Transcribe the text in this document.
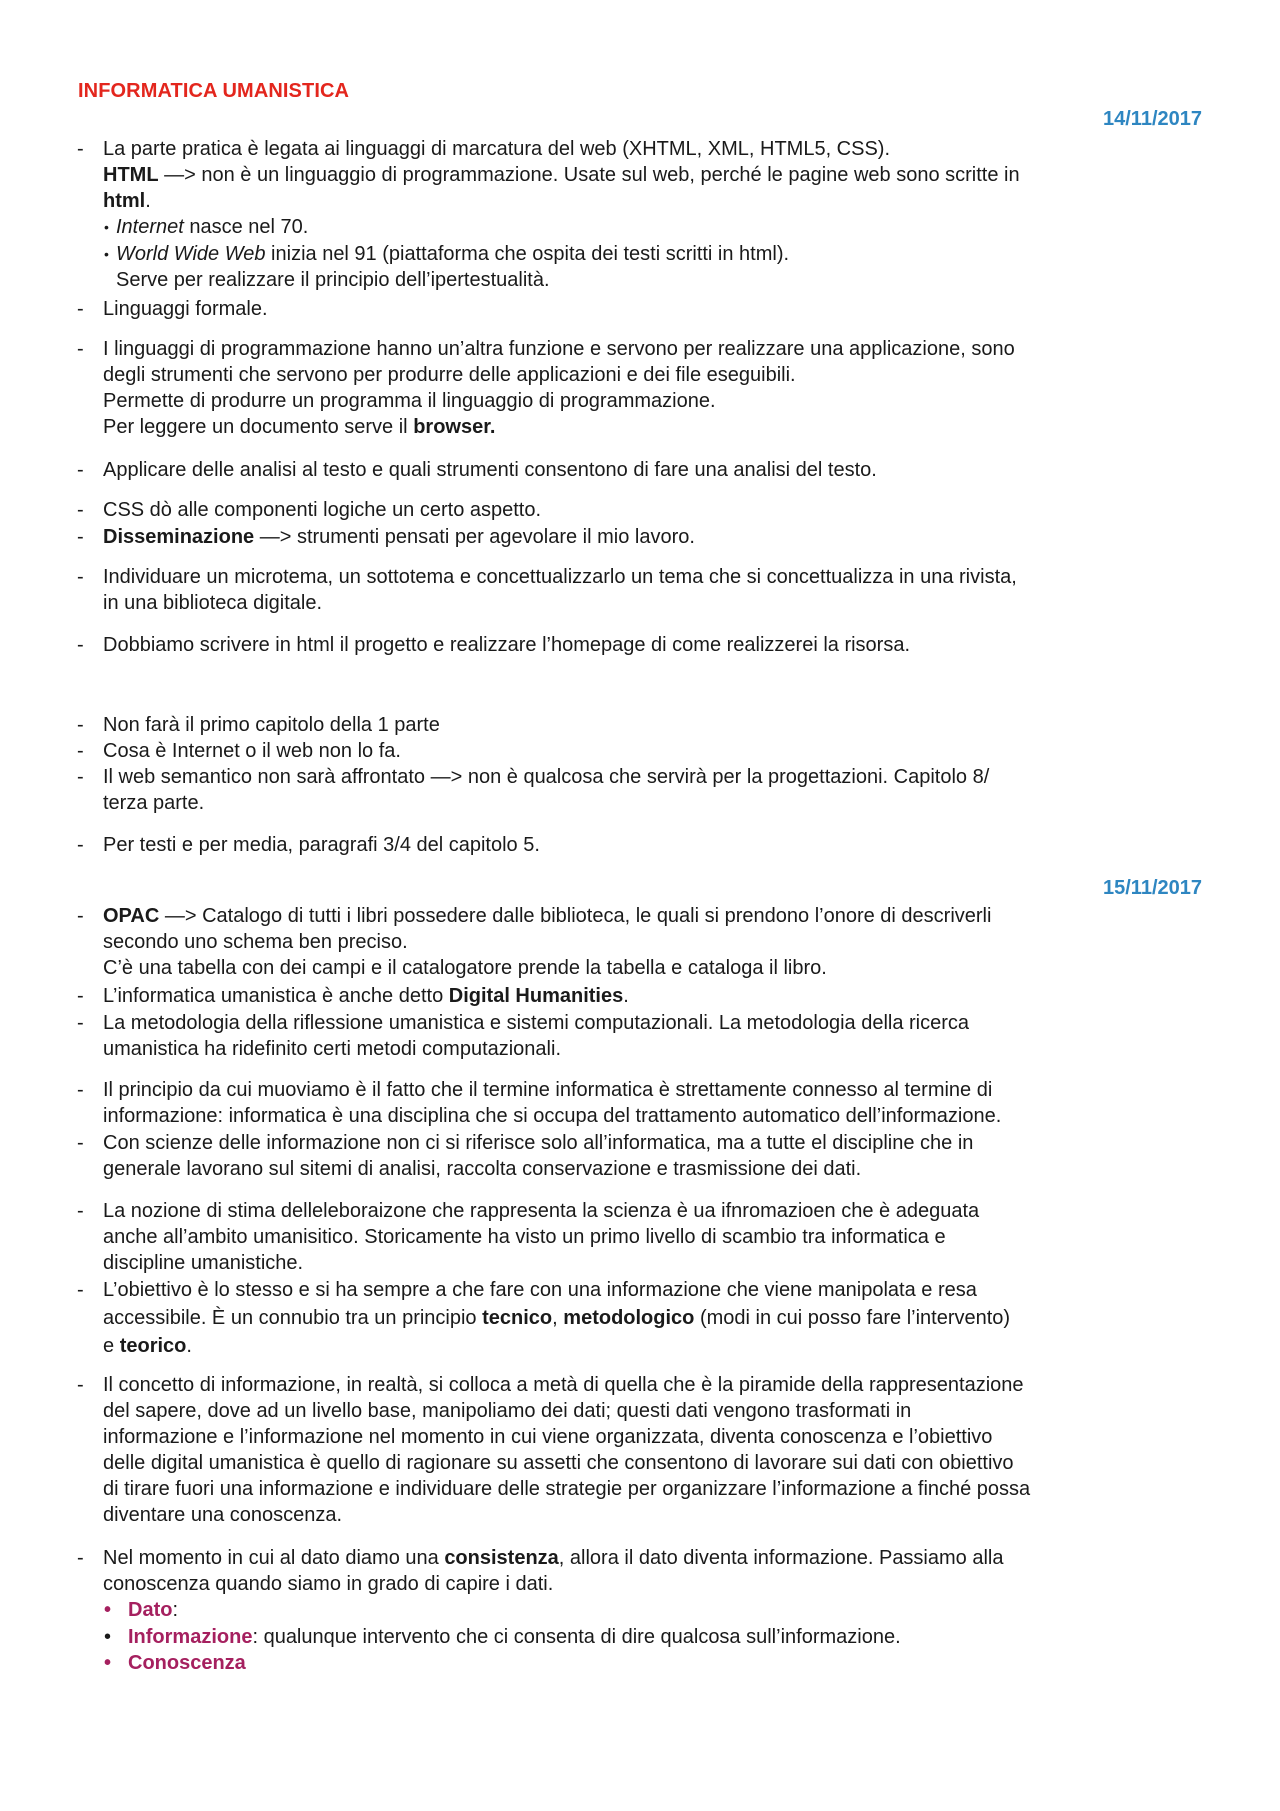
INFORMATICA UMANISTICA
14/11/2017
- La parte pratica è legata ai linguaggi di marcatura del web (XHTML, XML, HTML5, CSS).
HTML —> non è un linguaggio di programmazione. Usate sul web, perché le pagine web sono scritte in
html.
• Internet nasce nel 70.
• World Wide Web inizia nel 91 (piattaforma che ospita dei testi scritti in html).
Serve per realizzare il principio dell’ipertestualità.
- Linguaggi formale.
- I linguaggi di programmazione hanno un’altra funzione e servono per realizzare una applicazione, sono
degli strumenti che servono per produrre delle applicazioni e dei file eseguibili.
Permette di produrre un programma il linguaggio di programmazione.
Per leggere un documento serve il browser.
- Applicare delle analisi al testo e quali strumenti consentono di fare una analisi del testo.
- CSS dò alle componenti logiche un certo aspetto.
- Disseminazione —> strumenti pensati per agevolare il mio lavoro.
- Individuare un microtema, un sottotema e concettualizzarlo un tema che si concettualizza in una rivista,
in una biblioteca digitale.
- Dobbiamo scrivere in html il progetto e realizzare l’homepage di come realizzerei la risorsa.
- Non farà il primo capitolo della 1 parte
- Cosa è Internet o il web non lo fa.
- Il web semantico non sarà affrontato —> non è qualcosa che servirà per la progettazioni. Capitolo 8/
terza parte.
- Per testi e per media, paragrafi 3/4 del capitolo 5.
15/11/2017
- OPAC —> Catalogo di tutti i libri possedere dalle biblioteca, le quali si prendono l’onore di descriverli
secondo uno schema ben preciso.
C’è una tabella con dei campi e il catalogatore prende la tabella e cataloga il libro.
- L’informatica umanistica è anche detto Digital Humanities.
- La metodologia della riflessione umanistica e sistemi computazionali. La metodologia della ricerca
umanistica ha ridefinito certi metodi computazionali.
- Il principio da cui muoviamo è il fatto che il termine informatica è strettamente connesso al termine di
informazione: informatica è una disciplina che si occupa del trattamento automatico dell’informazione.
- Con scienze delle informazione non ci si riferisce solo all’informatica, ma a tutte el discipline che in
generale lavorano sul sitemi di analisi, raccolta conservazione e trasmissione dei dati.
- La nozione di stima delleleboraizone che rappresenta la scienza è ua ifnromazioen che è adeguata
anche all’ambito umanisitico. Storicamente ha visto un primo livello di scambio tra informatica e
discipline umanistiche.
- L’obiettivo è lo stesso e si ha sempre a che fare con una informazione che viene manipolata e resa
accessibile. È un connubio tra un principio tecnico, metodologico (modi in cui posso fare l’intervento)
e teorico.
- Il concetto di informazione, in realtà, si colloca a metà di quella che è la piramide della rappresentazione
del sapere, dove ad un livello base, manipoliamo dei dati; questi dati vengono trasformati in
informazione e l’informazione nel momento in cui viene organizzata, diventa conoscenza e l’obiettivo
delle digital umanistica è quello di ragionare su assetti che consentono di lavorare sui dati con obiettivo
di tirare fuori una informazione e individuare delle strategie per organizzare l’informazione a finché possa
diventare una conoscenza.
- Nel momento in cui al dato diamo una consistenza, allora il dato diventa informazione. Passiamo alla
conoscenza quando siamo in grado di capire i dati.
• Dato:
• Informazione: qualunque intervento che ci consenta di dire qualcosa sull’informazione.
• Conoscenza
